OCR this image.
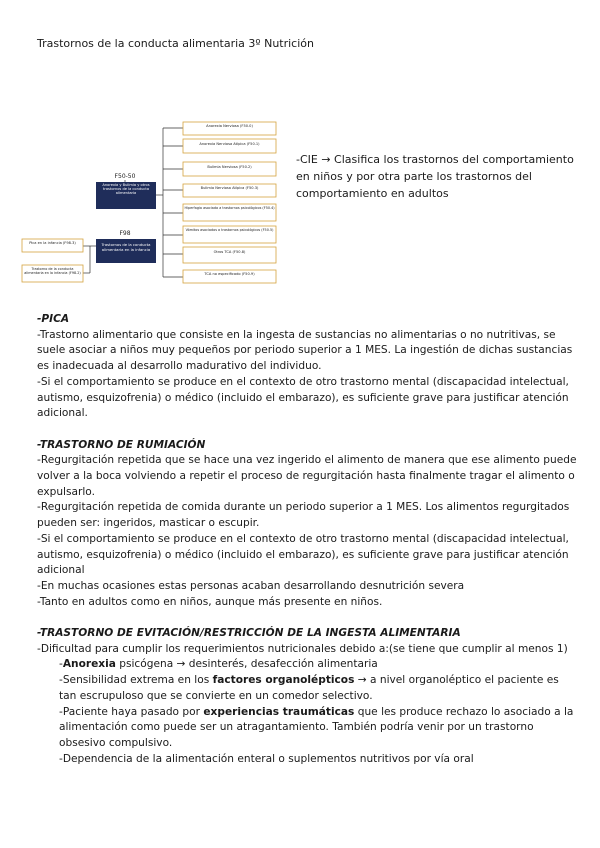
Trastornos de la conducta alimentaria 3º Nutrición
F50-50
Anorexia y Bulimia y otros trastornos de la conducta alimentaria
F98
Trastornos de la conducta alimentaria en la infancia
Pica en la infancia (F98.3)
Trastorno de la conducta alimentaria en la infancia (F98.2)
Anorexia Nerviosa (F50.0)
Anorexia Nerviosa Atípica (F50.1)
Bulimia Nerviosa (F50.2)
Bulimia Nerviosa Atípica (F50.3)
Hiperfagia asociada a trastornos psicológicos (F50.4)
Vómitos asociados a trastornos psicológicos (F50.5)
Otros TCA (F50.8)
TCA no especificado (F50.9)
-CIE → Clasifica los trastornos del comportamiento en niños y por otra parte los trastornos del comportamiento en adultos

-PICA

-Trastorno alimentario que consiste en la ingesta de sustancias no alimentarias o no nutritivas, se suele asociar a niños muy pequeños por periodo superior a 1 MES. La ingestión de dichas sustancias es inadecuada al desarrollo madurativo del individuo.

-Si el comportamiento se produce en el contexto de otro trastorno mental (discapacidad intelectual, autismo, esquizofrenia) o médico (incluido el embarazo), es suficiente grave para justificar atención adicional.

-TRASTORNO DE RUMIACIÓN

-Regurgitación repetida que se hace una vez ingerido el alimento de manera que ese alimento puede volver a la boca volviendo a repetir el proceso de regurgitación hasta finalmente tragar el alimento o expulsarlo.

-Regurgitación repetida de comida durante un periodo superior a 1 MES. Los alimentos regurgitados pueden ser: ingeridos, masticar o escupir.

-Si el comportamiento se produce en el contexto de otro trastorno mental (discapacidad intelectual, autismo, esquizofrenia) o médico (incluido el embarazo), es suficiente grave para justificar atención adicional

-En muchas ocasiones estas personas acaban desarrollando desnutrición severa

-Tanto en adultos como en niños, aunque más presente en niños.

-TRASTORNO DE EVITACIÓN/RESTRICCIÓN DE LA INGESTA ALIMENTARIA

-Dificultad para cumplir los requerimientos nutricionales debido a:(se tiene que cumplir al menos 1)

-Anorexia psicógena → desinterés, desafección alimentaria

-Sensibilidad extrema en los factores organolépticos → a nivel organoléptico el paciente es tan escrupuloso que se convierte en un comedor selectivo.

-Paciente haya pasado por experiencias traumáticas que les produce rechazo lo asociado a la alimentación como puede ser un atragantamiento. También podría venir por un trastorno obsesivo compulsivo.

-Dependencia de la alimentación enteral o suplementos nutritivos por vía oral
